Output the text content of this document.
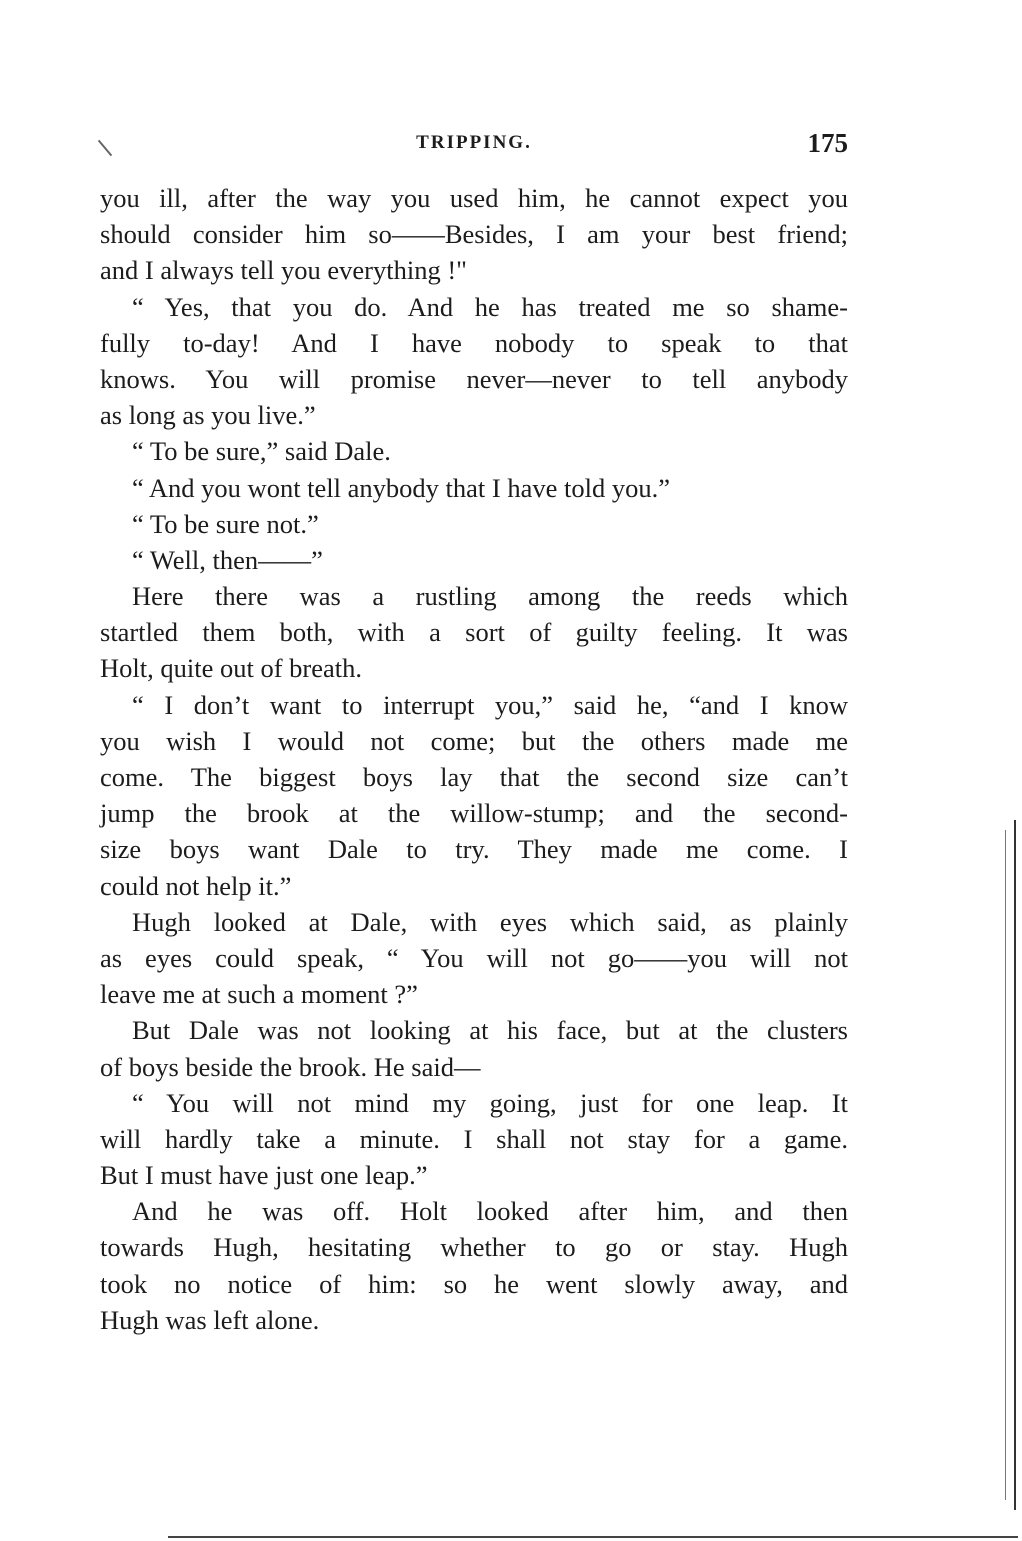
TRIPPING.	175
you ill, after the way you used him, he cannot expect you
should consider him so——Besides, I am your best friend;
and I always tell you everything !"
“ Yes, that you do. And he has treated me so shame-
fully to-day! And I have nobody to speak to that
knows. You will promise never—never to tell anybody
as long as you live.”
“ To be sure,” said Dale.
“ And you wont tell anybody that I have told you.”
“ To be sure not.”
“ Well, then——”
Here there was a rustling among the reeds which
startled them both, with a sort of guilty feeling. It was
Holt, quite out of breath.
“ I don’t want to interrupt you,” said he, “and I know
you wish I would not come; but the others made me
come. The biggest boys lay that the second size can’t
jump the brook at the willow-stump; and the second-
size boys want Dale to try. They made me come. I
could not help it.”
Hugh looked at Dale, with eyes which said, as plainly
as eyes could speak, “ You will not go——you will not
leave me at such a moment ?”
But Dale was not looking at his face, but at the clusters
of boys beside the brook. He said—
“ You will not mind my going, just for one leap. It
will hardly take a minute. I shall not stay for a game.
But I must have just one leap.”
And he was off. Holt looked after him, and then
towards Hugh, hesitating whether to go or stay. Hugh
took no notice of him: so he went slowly away, and
Hugh was left alone.
